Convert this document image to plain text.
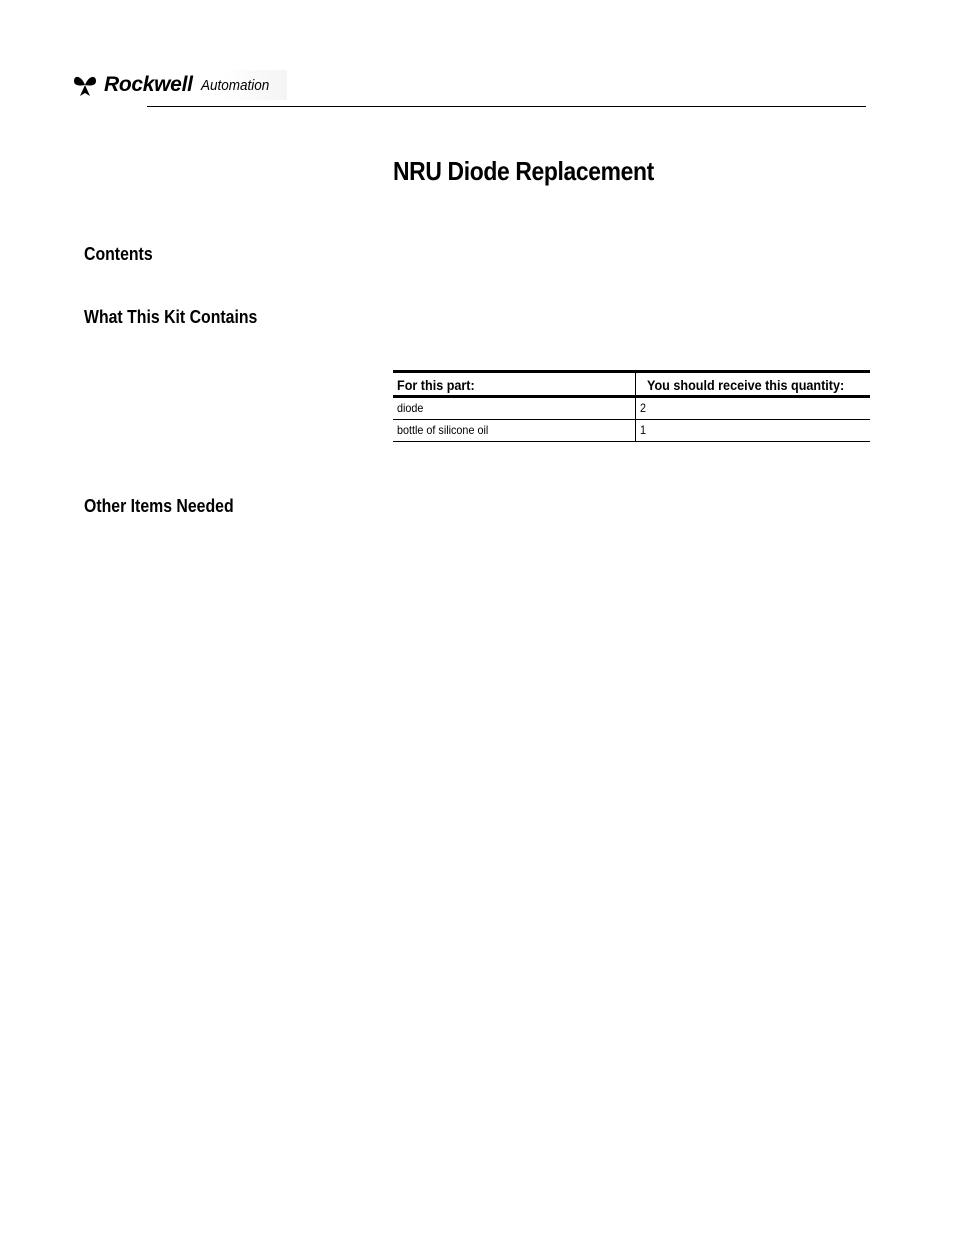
Rockwell Automation
NRU Diode Replacement
Contents
What This Kit Contains
For this part:	You should receive this quantity:
diode	2
bottle of silicone oil	1
Other Items Needed
